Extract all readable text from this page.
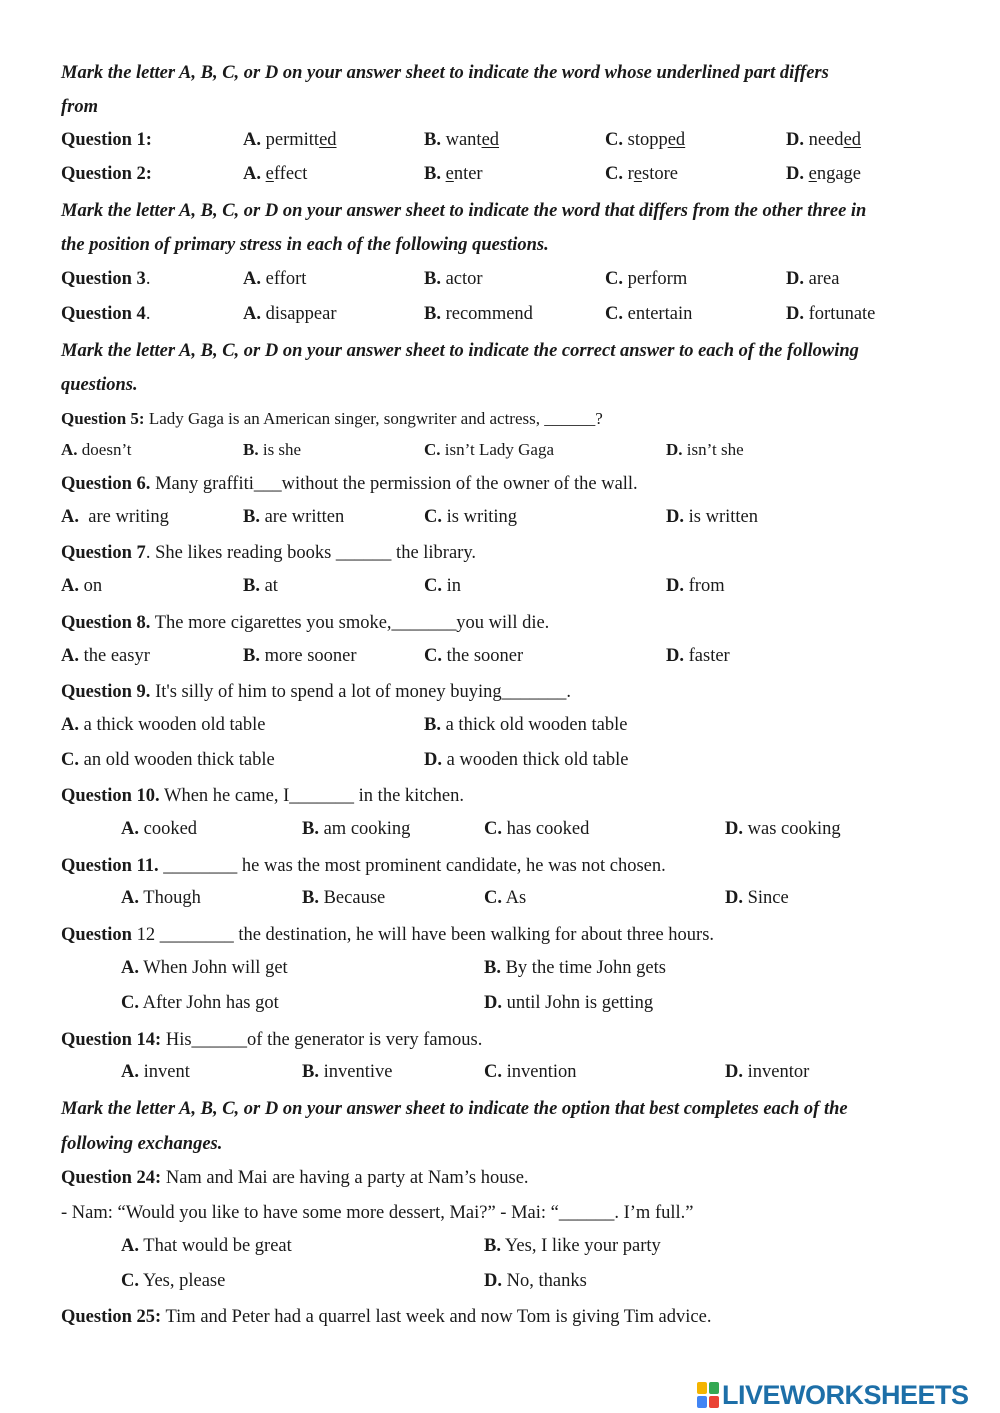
Mark the letter A, B, C, or D on your answer sheet to indicate the word whose underlined part differs
from
Question 1:	A. permitted	B. wanted	C. stopped	D. needed
Question 2:	A. effect	B. enter	C. restore	D. engage
Mark the letter A, B, C, or D on your answer sheet to indicate the word that differs from the other three in
the position of primary stress in each of the following questions.
Question 3.	A. effort	B. actor	C. perform	D. area
Question 4.	A. disappear	B. recommend	C. entertain	D. fortunate
Mark the letter A, B, C, or D on your answer sheet to indicate the correct answer to each of the following
questions.
Question 5: Lady Gaga is an American singer, songwriter and actress, ______?
A. doesn’t	B. is she	C. isn’t Lady Gaga	D. isn’t she
Question 6. Many graffiti___without the permission of the owner of the wall.
A.  are writing	B. are written	C. is writing	D. is written
Question 7. She likes reading books ______ the library.
A. on	B. at	C. in	D. from
Question 8. The more cigarettes you smoke,_______you will die.
A. the easyr	B. more sooner	C. the sooner	D. faster
Question 9. It's silly of him to spend a lot of money buying_______.
A. a thick wooden old table	B. a thick old wooden table
C. an old wooden thick table	D. a wooden thick old table
Question 10. When he came, I_______ in the kitchen.
A. cooked	B. am cooking	C. has cooked	D. was cooking
Question 11. ________ he was the most prominent candidate, he was not chosen.
A. Though	B. Because	C. As	D. Since
Question 12 ________ the destination, he will have been walking for about three hours.
A. When John will get	B. By the time John gets
C. After John has got	D. until John is getting
Question 14: His______of the generator is very famous.
A. invent	B. inventive	C. invention	D. inventor
Mark the letter A, B, C, or D on your answer sheet to indicate the option that best completes each of the
following exchanges.
Question 24: Nam and Mai are having a party at Nam’s house.
- Nam: “Would you like to have some more dessert, Mai?” - Mai: “______. I’m full.”
A. That would be great	B. Yes, I like your party
C. Yes, please	D. No, thanks
Question 25: Tim and Peter had a quarrel last week and now Tom is giving Tim advice.
LIVEWORKSHEETS
